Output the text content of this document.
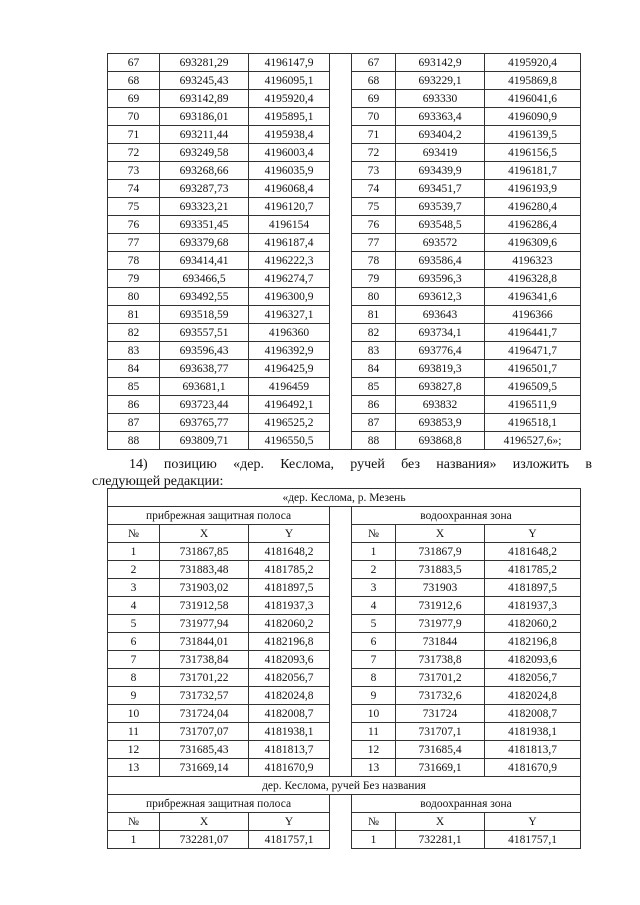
67	693281,29	4196147,9		67	693142,9	4195920,4
68	693245,43	4196095,1		68	693229,1	4195869,8
69	693142,89	4195920,4		69	693330	4196041,6
70	693186,01	4195895,1		70	693363,4	4196090,9
71	693211,44	4195938,4		71	693404,2	4196139,5
72	693249,58	4196003,4		72	693419	4196156,5
73	693268,66	4196035,9		73	693439,9	4196181,7
74	693287,73	4196068,4		74	693451,7	4196193,9
75	693323,21	4196120,7		75	693539,7	4196280,4
76	693351,45	4196154		76	693548,5	4196286,4
77	693379,68	4196187,4		77	693572	4196309,6
78	693414,41	4196222,3		78	693586,4	4196323
79	693466,5	4196274,7		79	693596,3	4196328,8
80	693492,55	4196300,9		80	693612,3	4196341,6
81	693518,59	4196327,1		81	693643	4196366
82	693557,51	4196360		82	693734,1	4196441,7
83	693596,43	4196392,9		83	693776,4	4196471,7
84	693638,77	4196425,9		84	693819,3	4196501,7
85	693681,1	4196459		85	693827,8	4196509,5
86	693723,44	4196492,1		86	693832	4196511,9
87	693765,77	4196525,2		87	693853,9	4196518,1
88	693809,71	4196550,5		88	693868,8	4196527,6»;

14) позицию «дер. Кеслома, ручей без названия» изложить в
следующей редакции:

«дер. Кеслома, р. Мезень						
прибрежная защитная полоса				водоохранная зона		
№	X	Y		№	X	Y
1	731867,85	4181648,2		1	731867,9	4181648,2
2	731883,48	4181785,2		2	731883,5	4181785,2
3	731903,02	4181897,5		3	731903	4181897,5
4	731912,58	4181937,3		4	731912,6	4181937,3
5	731977,94	4182060,2		5	731977,9	4182060,2
6	731844,01	4182196,8		6	731844	4182196,8
7	731738,84	4182093,6		7	731738,8	4182093,6
8	731701,22	4182056,7		8	731701,2	4182056,7
9	731732,57	4182024,8		9	731732,6	4182024,8
10	731724,04	4182008,7		10	731724	4182008,7
11	731707,07	4181938,1		11	731707,1	4181938,1
12	731685,43	4181813,7		12	731685,4	4181813,7
13	731669,14	4181670,9		13	731669,1	4181670,9
дер. Кеслома, ручей Без названия						
прибрежная защитная полоса				водоохранная зона		
№	X	Y		№	X	Y
1	732281,07	4181757,1		1	732281,1	4181757,1
